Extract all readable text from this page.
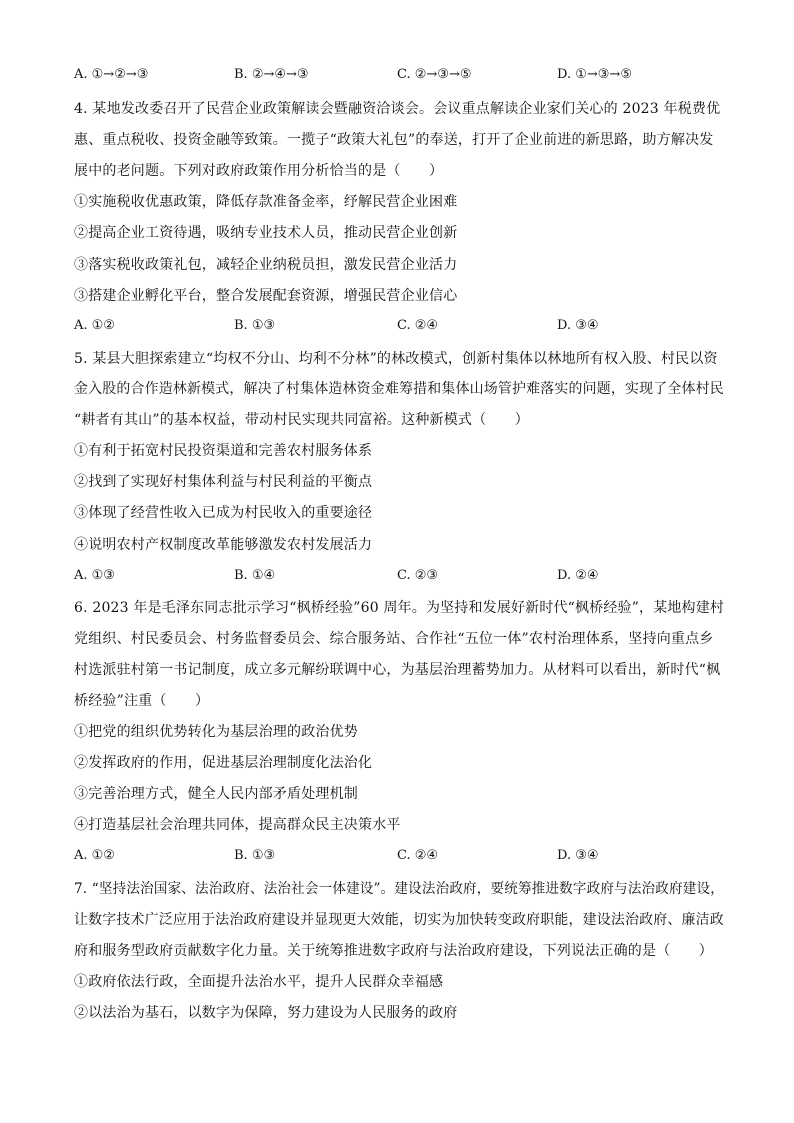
A. ①→②→③	B. ②→④→③	C. ②→③→⑤	D. ①→③→⑤
4. 某地发改委召开了民营企业政策解读会暨融资洽谈会。会议重点解读企业家们关心的 2023 年税费优
惠、重点税收、投资金融等致策。一揽子“政策大礼包”的奉送，打开了企业前进的新思路，助方解决发
展中的老问题。下列对政府政策作用分析恰当的是（　　）
①实施税收优惠政策，降低存款准备金率，纾解民营企业困难
②提高企业工资待遇，吸纳专业技术人员，推动民营企业创新
③落实税收政策礼包，减轻企业纳税员担，激发民营企业活力
③搭建企业孵化平台，整合发展配套资源，增强民营企业信心
A. ①②	B. ①③	C. ②④	D. ③④
5. 某县大胆探索建立“均权不分山、均利不分林”的林改模式，创新村集体以林地所有权入股、村民以资
金入股的合作造林新模式，解决了村集体造林资金难筹措和集体山场管护难落实的问题，实现了全体村民
“耕者有其山”的基本权益，带动村民实现共同富裕。这种新模式（　　）
①有利于拓宽村民投资渠道和完善农村服务体系
②找到了实现好村集体利益与村民利益的平衡点
③体现了经营性收入已成为村民收入的重要途径
④说明农村产权制度改革能够激发农村发展活力
A. ①③	B. ①④	C. ②③	D. ②④
6. 2023 年是毛泽东同志批示学习“枫桥经验”60 周年。为坚持和发展好新时代“枫桥经验”，某地构建村
党组织、村民委员会、村务监督委员会、综合服务站、合作社“五位一体”农村治理体系，坚持向重点乡
村选派驻村第一书记制度，成立多元解纷联调中心，为基层治理蓄势加力。从材料可以看出，新时代“枫
桥经验”注重（　　）
①把党的组织优势转化为基层治理的政治优势
②发挥政府的作用，促进基层治理制度化法治化
③完善治理方式，健全人民内部矛盾处理机制
④打造基层社会治理共同体，提高群众民主决策水平
A. ①②	B. ①③	C. ②④	D. ③④
7. “坚持法治国家、法治政府、法治社会一体建设”。建设法治政府，要统筹推进数字政府与法治政府建设，
让数字技术广泛应用于法治政府建设并显现更大效能，切实为加快转变政府职能，建设法治政府、廉洁政
府和服务型政府贡献数字化力量。关于统筹推进数字政府与法治政府建设，下列说法正确的是（　　）
①政府依法行政，全面提升法治水平，提升人民群众幸福感
②以法治为基石，以数字为保障，努力建设为人民服务的政府
